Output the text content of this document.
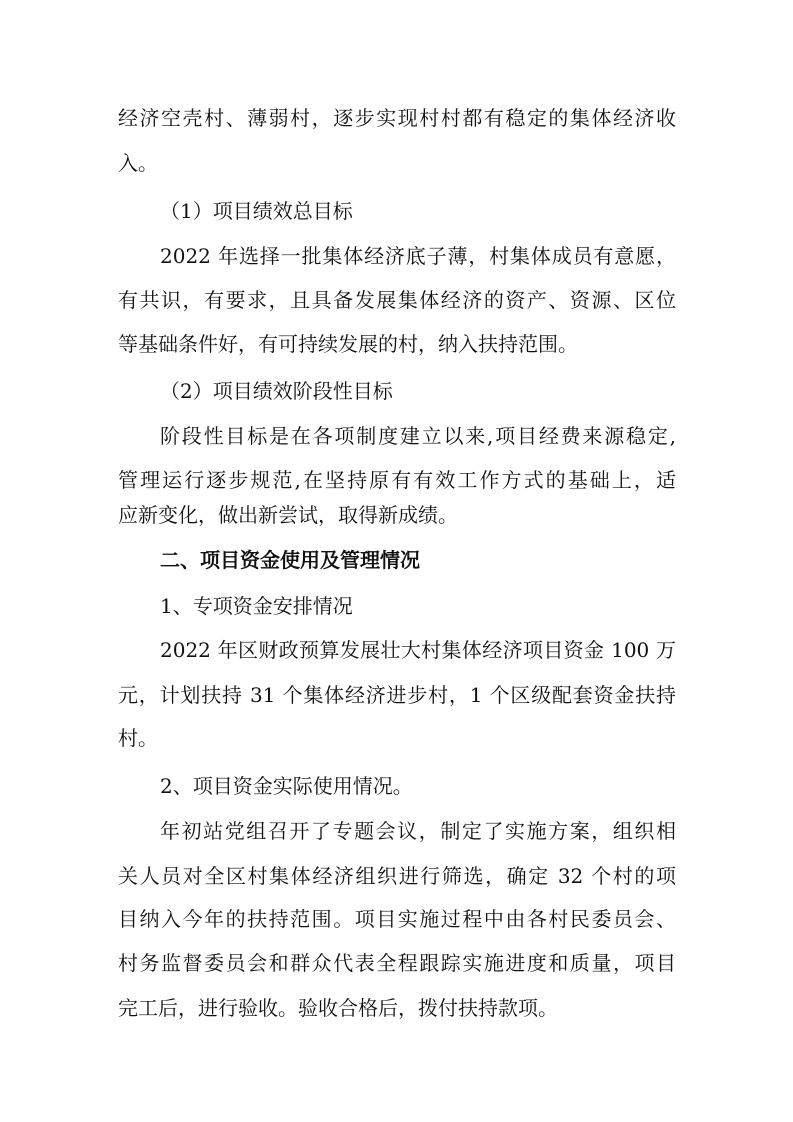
经济空壳村、薄弱村，逐步实现村村都有稳定的集体经济收
入。
（1）项目绩效总目标
2022 年选择一批集体经济底子薄，村集体成员有意愿，
有共识，有要求，且具备发展集体经济的资产、资源、区位
等基础条件好，有可持续发展的村，纳入扶持范围。
（2）项目绩效阶段性目标
阶段性目标是在各项制度建立以来,项目经费来源稳定,
管理运行逐步规范,在坚持原有有效工作方式的基础上，适
应新变化，做出新尝试，取得新成绩。
二、项目资金使用及管理情况
1、专项资金安排情况
2022 年区财政预算发展壮大村集体经济项目资金 100 万
元，计划扶持 31 个集体经济进步村，1 个区级配套资金扶持
村。
2、项目资金实际使用情况。
年初站党组召开了专题会议，制定了实施方案，组织相
关人员对全区村集体经济组织进行筛选，确定 32 个村的项
目纳入今年的扶持范围。项目实施过程中由各村民委员会、
村务监督委员会和群众代表全程跟踪实施进度和质量，项目
完工后，进行验收。验收合格后，拨付扶持款项。
